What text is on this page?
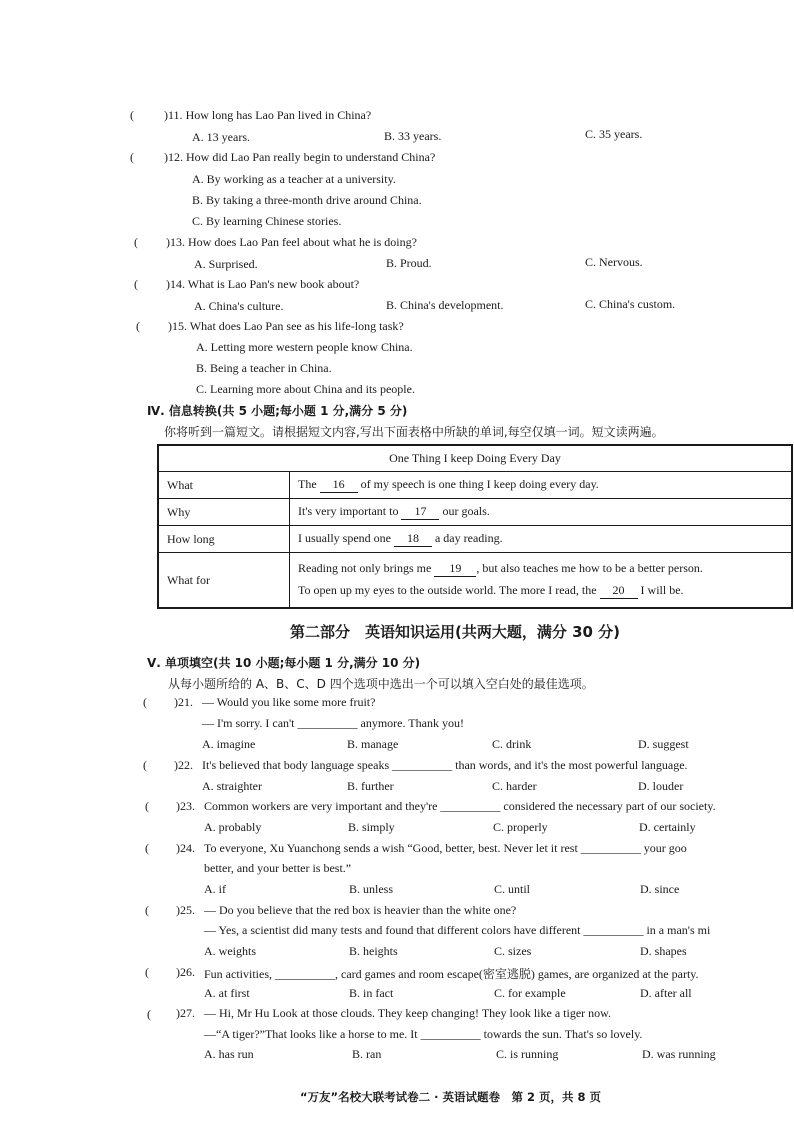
(	)11. How long has Lao Pan lived in China?
A. 13 years.	B. 33 years.	C. 35 years.
(	)12. How did Lao Pan really begin to understand China?
A. By working as a teacher at a university.
B. By taking a three-month drive around China.
C. By learning Chinese stories.
( )13. How does Lao Pan feel about what he is doing?
A. Surprised.	B. Proud.	C. Nervous.
( )14. What is Lao Pan's new book about?
A. China's culture.	B. China's development.	C. China's custom.
( )15. What does Lao Pan see as his life-long task?
A. Letting more western people know China.
B. Being a teacher in China.
C. Learning more about China and its people.
Ⅳ. 信息转换(共 5 小题;每小题 1 分,满分 5 分)
你将听到一篇短文。请根据短文内容,写出下面表格中所缺的单词,每空仅填一词。短文读两遍。
One Thing I keep Doing Every Day	
What	The 16 of my speech is one thing I keep doing every day.
Why	It's very important to 17 our goals.
How long	I usually spend one 18 a day reading.
What for	Reading not only brings me 19 , but also teaches me how to be a better person.
To open up my eyes to the outside world. The more I read, the 20 I will be.
第二部分　英语知识运用(共两大题，满分 30 分)
Ⅴ. 单项填空(共 10 小题;每小题 1 分,满分 10 分)
从每小题所给的 A、B、C、D 四个选项中选出一个可以填入空白处的最佳选项。
( )21. — Would you like some more fruit?
— I'm sorry. I can't __________ anymore. Thank you!
A. imagine	B. manage	C. drink	D. suggest
( )22. It's believed that body language speaks __________ than words, and it's the most powerful language.
A. straighter	B. further	C. harder	D. louder
( )23. Common workers are very important and they're __________ considered the necessary part of our society.
A. probably	B. simply	C. properly	D. certainly
( )24. To everyone, Xu Yuanchong sends a wish “Good, better, best. Never let it rest __________ your goo
better, and your better is best.”
A. if	B. unless	C. until	D. since
( )25. — Do you believe that the red box is heavier than the white one?
— Yes, a scientist did many tests and found that different colors have different __________ in a man's mi
A. weights	B. heights	C. sizes	D. shapes
( )26. Fun activities, __________, card games and room escape(密室逃脱) games, are organized at the party.
A. at first	B. in fact	C. for example	D. after all
( )27. — Hi, Mr Hu Look at those clouds. They keep changing! They look like a tiger now.
—“A tiger?”That looks like a horse to me. It __________ towards the sun. That's so lovely.
A. has run	B. ran	C. is running	D. was running
“万友”名校大联考试卷二 · 英语试题卷　第 2 页，共 8 页
